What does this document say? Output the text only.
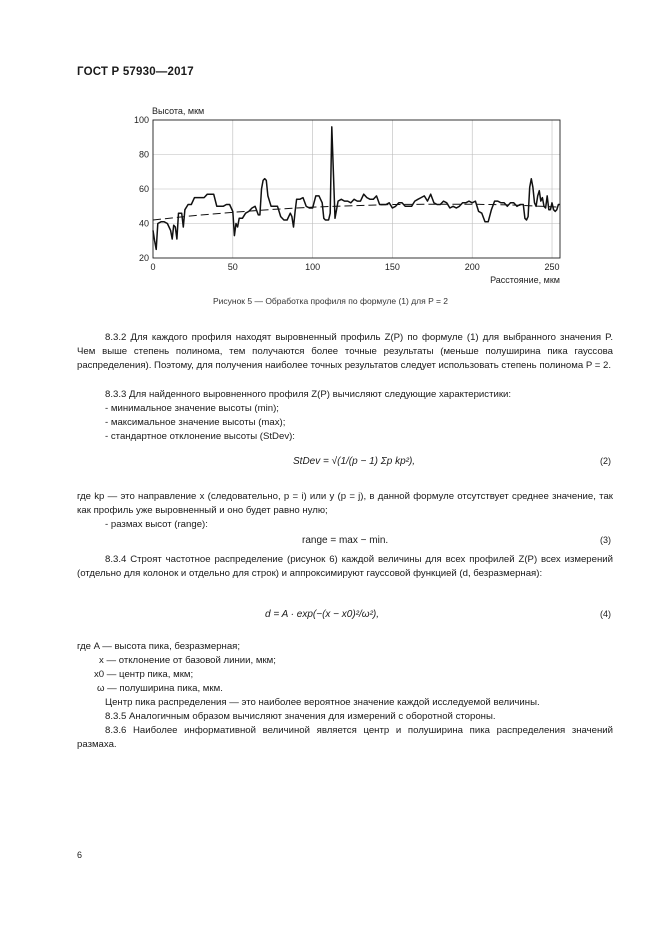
ГОСТ Р 57930—2017
20
40
60
80
100
0	50	100	150	200	250
Высота, мкм
Расстояние, мкм
Рисунок 5 — Обработка профиля по формуле (1) для P = 2

8.3.2 Для каждого профиля находят выровненный профиль Z(P) по формуле (1) для выбранного значения P. Чем выше степень полинома, тем получаются более точные результаты (меньше полуширина пика гауссова распределения). Поэтому, для получения наиболее точных результатов следует использовать степень полинома P = 2.

8.3.3 Для найденного выровненного профиля Z(P) вычисляют следующие характеристики:

- минимальное значение высоты (min);

- максимальное значение высоты (max);

- стандартное отклонение высоты (StDev):

StDev = √(1/(p − 1) Σp kp²),	(2)

где kp — это направление x (следовательно, p = i) или y (p = j), в данной формуле отсутствует среднее значение, так как профиль уже выровненный и оно будет равно нулю;

- размах высот (range):

range = max − min.	(3)

8.3.4 Строят частотное распределение (рисунок 6) каждой величины для всех профилей Z(P) всех измерений (отдельно для колонок и отдельно для строк) и аппроксимируют гауссовой функцией (d, безразмерная):

d = A · exp(−(x − x0)²/ω²),	(4)

где A — высота пика, безразмерная;

x — отклонение от базовой линии, мкм;

x0 — центр пика, мкм;

ω — полуширина пика, мкм.

Центр пика распределения — это наиболее вероятное значение каждой исследуемой величины.

8.3.5 Аналогичным образом вычисляют значения для измерений с оборотной стороны.

8.3.6 Наиболее информативной величиной является центр и полуширина пика распределения значений размаха.

6
